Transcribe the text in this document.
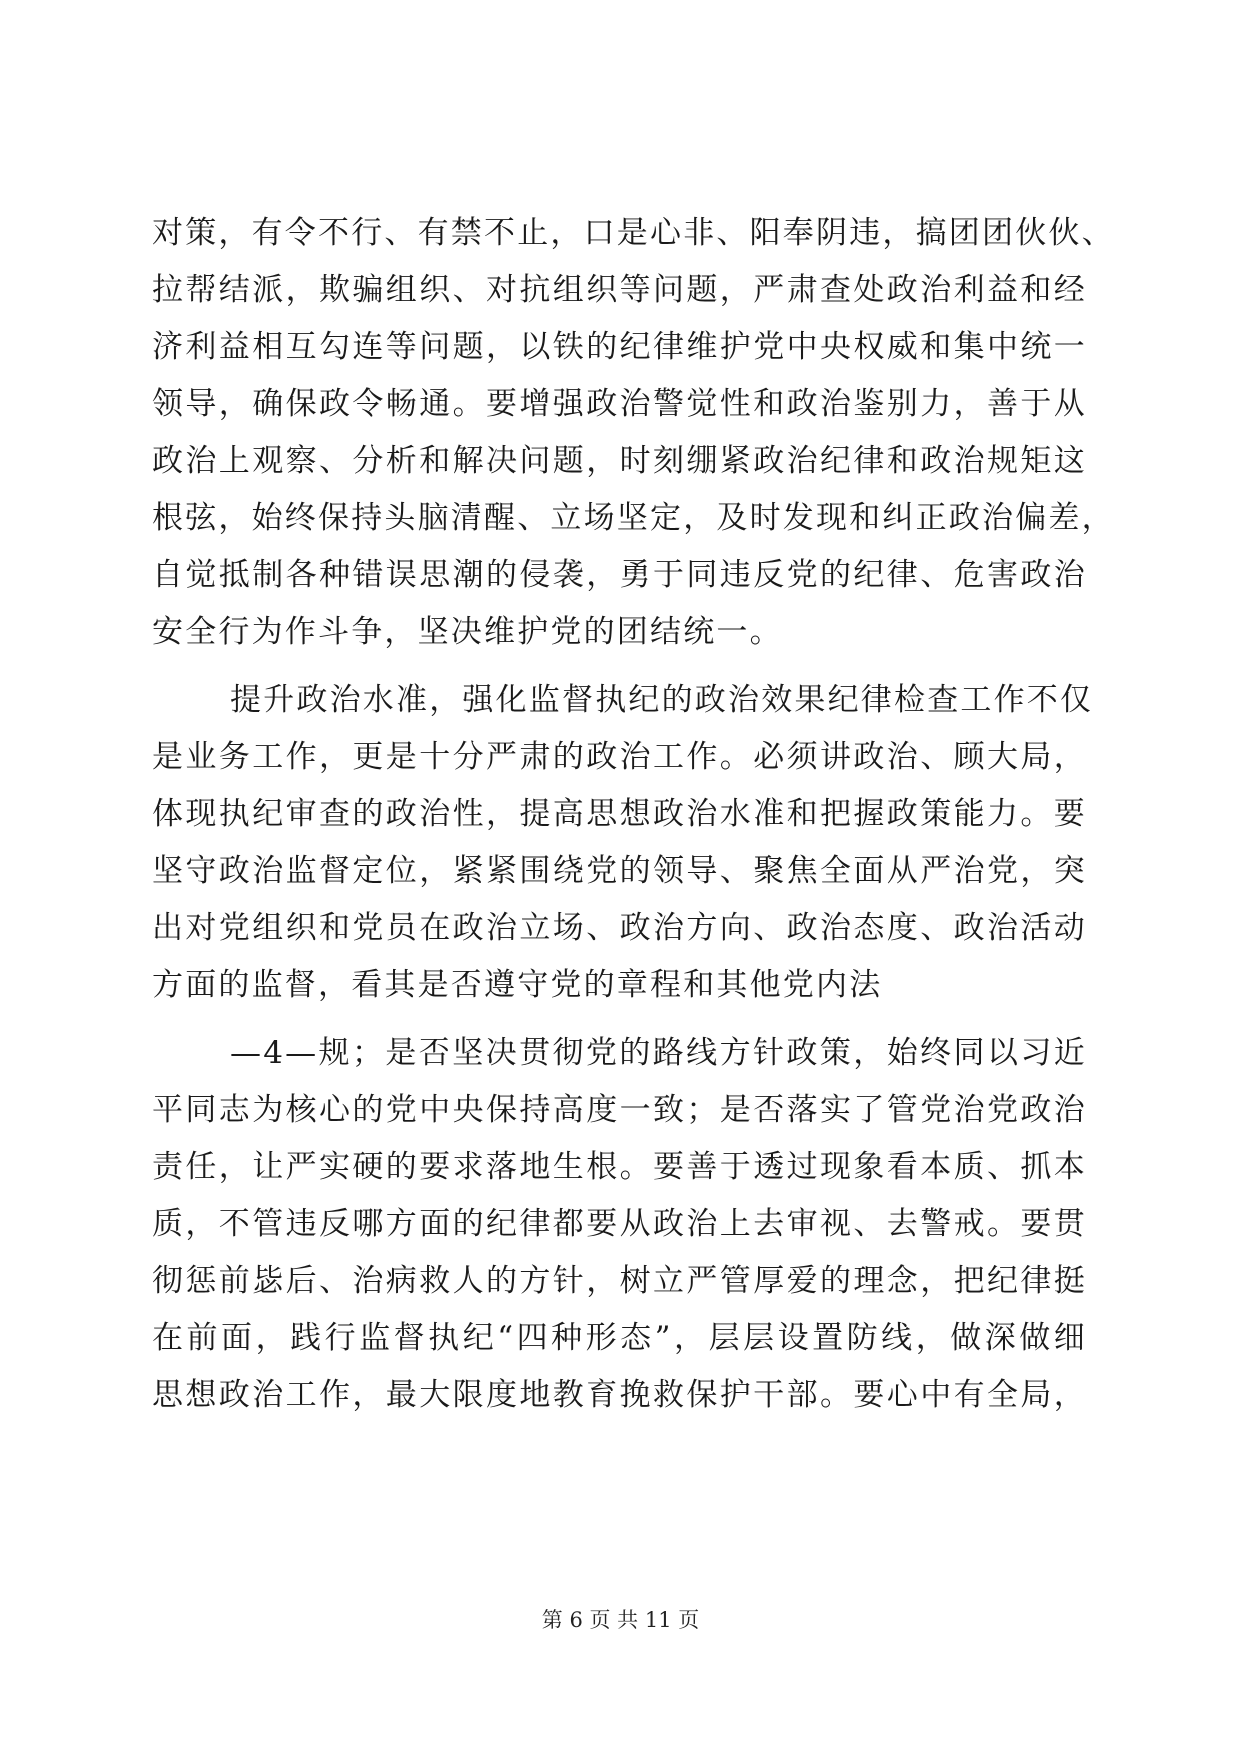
对策，有令不行、有禁不止，口是心非、阳奉阴违，搞团团伙伙、
拉帮结派，欺骗组织、对抗组织等问题，严肃查处政治利益和经
济利益相互勾连等问题，以铁的纪律维护党中央权威和集中统一
领导，确保政令畅通。要增强政治警觉性和政治鉴别力，善于从
政治上观察、分析和解决问题，时刻绷紧政治纪律和政治规矩这
根弦，始终保持头脑清醒、立场坚定，及时发现和纠正政治偏差，
自觉抵制各种错误思潮的侵袭，勇于同违反党的纪律、危害政治
安全行为作斗争，坚决维护党的团结统一。
提升政治水准，强化监督执纪的政治效果纪律检查工作不仅
是业务工作，更是十分严肃的政治工作。必须讲政治、顾大局，
体现执纪审查的政治性，提高思想政治水准和把握政策能力。要
坚守政治监督定位，紧紧围绕党的领导、聚焦全面从严治党，突
出对党组织和党员在政治立场、政治方向、政治态度、政治活动
方面的监督，看其是否遵守党的章程和其他党内法
—4—规；是否坚决贯彻党的路线方针政策，始终同以习近
平同志为核心的党中央保持高度一致；是否落实了管党治党政治
责任，让严实硬的要求落地生根。要善于透过现象看本质、抓本
质，不管违反哪方面的纪律都要从政治上去审视、去警戒。要贯
彻惩前毖后、治病救人的方针，树立严管厚爱的理念，把纪律挺
在前面，践行监督执纪“四种形态”，层层设置防线，做深做细
思想政治工作，最大限度地教育挽救保护干部。要心中有全局，
第 6 页 共 11 页
